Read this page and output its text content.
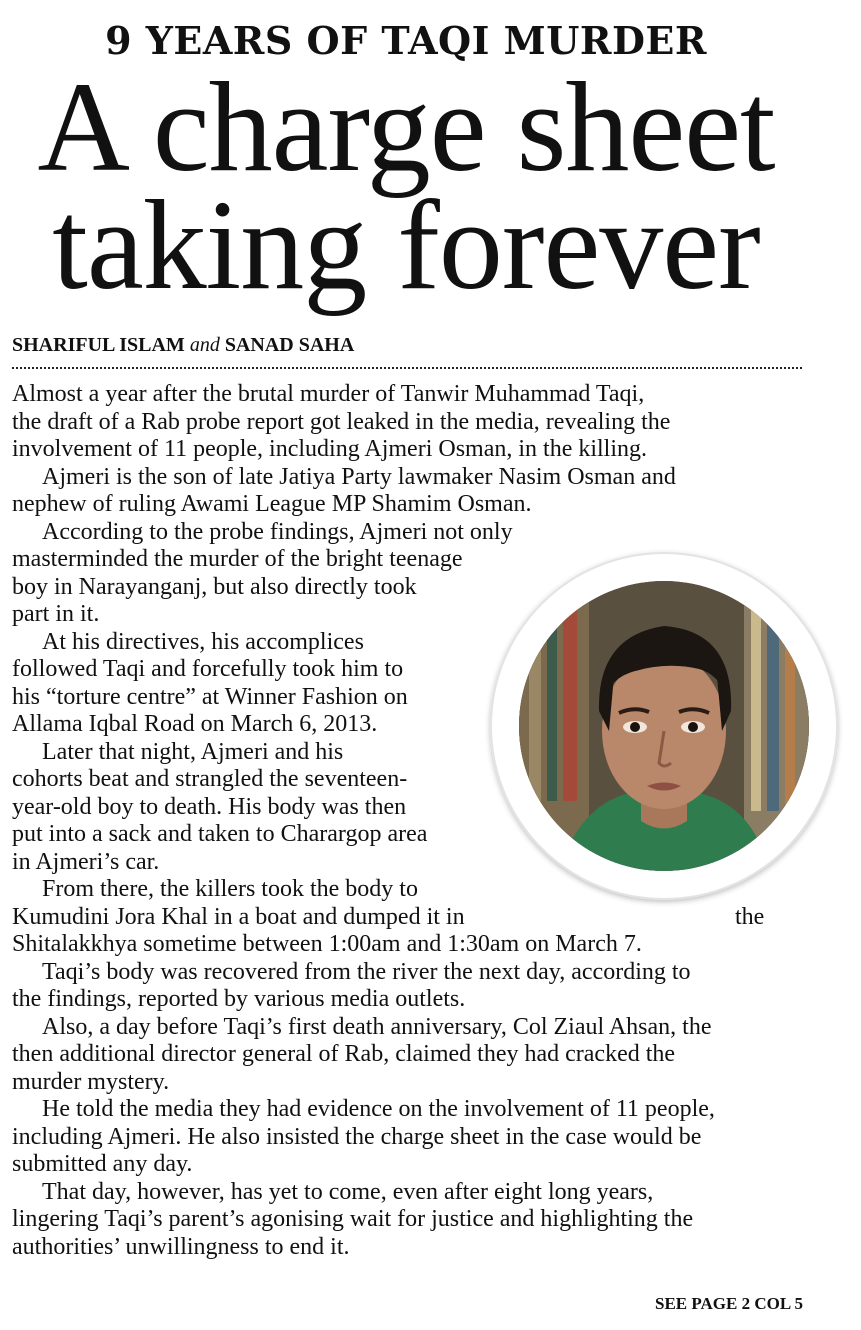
9 YEARS OF TAQI MURDER
A charge sheet
taking forever
SHARIFUL ISLAM and SANAD SAHA
Almost a year after the brutal murder of Tanwir Muhammad Taqi,
the draft of a Rab probe report got leaked in the media, revealing the
involvement of 11 people, including Ajmeri Osman, in the killing.
Ajmeri is the son of late Jatiya Party lawmaker Nasim Osman and
nephew of ruling Awami League MP Shamim Osman.
According to the probe findings, Ajmeri not only
masterminded the murder of the bright teenage
boy in Narayanganj, but also directly took
part in it.
At his directives, his accomplices
followed Taqi and forcefully took him to
his “torture centre” at Winner Fashion on
Allama Iqbal Road on March 6, 2013.
Later that night, Ajmeri and his
cohorts beat and strangled the seventeen-
year-old boy to death. His body was then
put into a sack and taken to Charargop area
in Ajmeri’s car.
From there, the killers took the body to
Kumudini Jora Khal in a boat and dumped it in	the
Shitalakkhya sometime between 1:00am and 1:30am on March 7.
Taqi’s body was recovered from the river the next day, according to
the findings, reported by various media outlets.
Also, a day before Taqi’s first death anniversary, Col Ziaul Ahsan, the
then additional director general of Rab, claimed they had cracked the
murder mystery.
He told the media they had evidence on the involvement of 11 people,
including Ajmeri. He also insisted the charge sheet in the case would be
submitted any day.
That day, however, has yet to come, even after eight long years,
lingering Taqi’s parent’s agonising wait for justice and highlighting the
authorities’ unwillingness to end it.
SEE PAGE 2 COL 5
